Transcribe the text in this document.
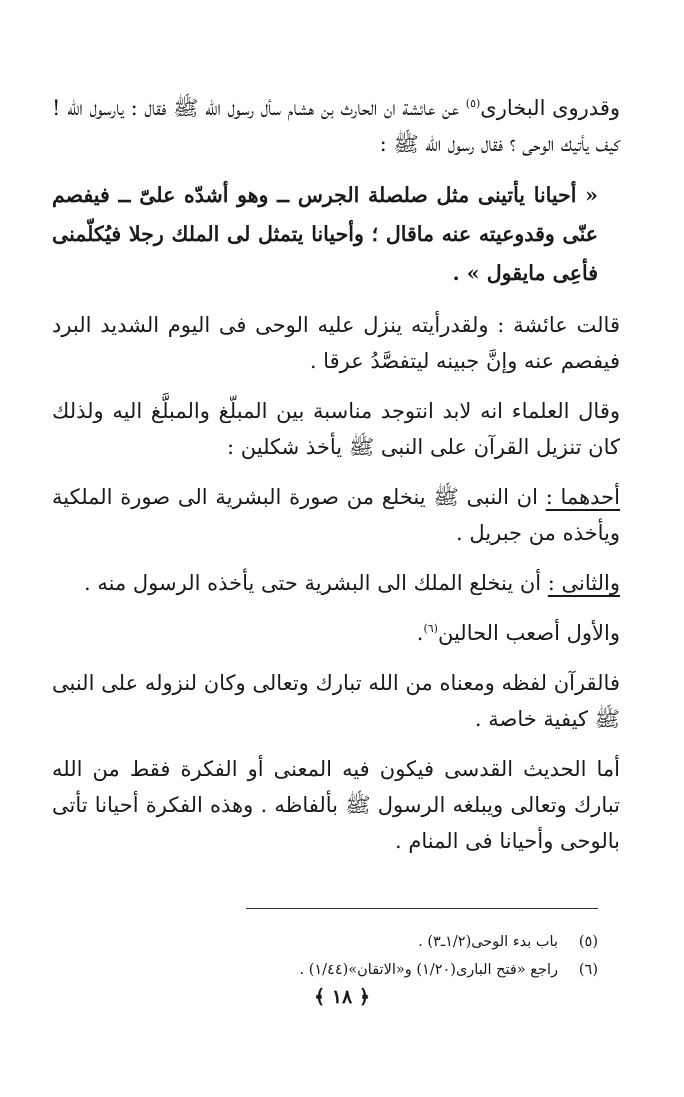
وقدروى البخارى$^{(٥)}$ عن عائشة ان الحارث بن هشام سأل رسول الله ﷺ فقال : يارسول الله ! كيف يأتيك الوحى ؟ فقال رسول الله ﷺ :

« أحيانا يأتينى مثل صلصلة الجرس ــ وهو أشدّه علىّ ــ فيفصم عنّى وقدوعيته عنه ماقال ؛ وأحيانا يتمثل لى الملك رجلا فيُكلّمنى فأعِى مايقول » .

قالت عائشة : ولقدرأيته ينزل عليه الوحى فى اليوم الشديد البرد فيفصم عنه وإنَّ جبينه ليتفصَّدُ عرقا .

وقال العلماء انه لابد انتوجد مناسبة بين المبلّغ والمبلَّغ اليه ولذلك كان تنزيل القرآن على النبى ﷺ يأخذ شكلين :

أحدهما : ان النبى ﷺ ينخلع من صورة البشرية الى صورة الملكية ويأخذه من جبريل .

والثانى : أن ينخلع الملك الى البشرية حتى يأخذه الرسول منه .

والأول أصعب الحالين$^{(٦)}$.

فالقرآن لفظه ومعناه من الله تبارك وتعالى وكان لنزوله على النبى ﷺ كيفية خاصة .

أما الحديث القدسى فيكون فيه المعنى أو الفكرة فقط من الله تبارك وتعالى ويبلغه الرسول ﷺ بألفاظه . وهذه الفكرة أحيانا تأتى بالوحى وأحيانا فى المنام .

(٥)
باب بدء الوحى(١/٢ـ٣) .
(٦)
راجع «فتح البارى(١/٢٠) و«الاتقان»(١/٤٤) .
﴿ ١٨ ﴾
